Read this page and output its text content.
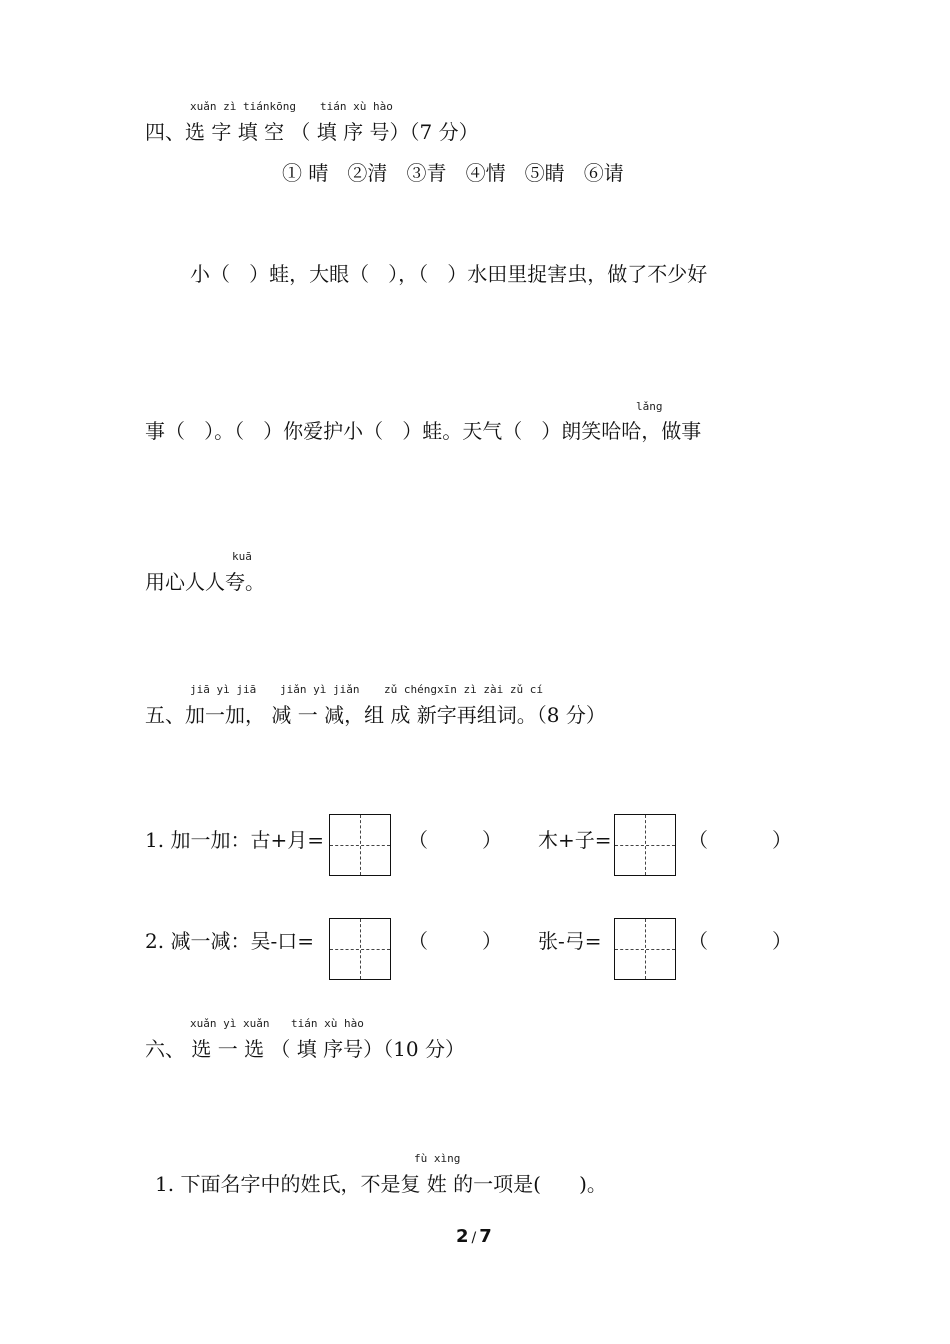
xuǎn zì tiánkōng tián xù hào
四、选 字 填 空 （ 填 序 号）（7 分）
① 晴   ②清   ③青   ④情   ⑤睛   ⑥请
小（   ）蛙，大眼（   ），（   ）水田里捉害虫，做了不少好
lǎng
事（   ）。（   ）你爱护小（   ）蛙。天气（   ）朗笑哈哈，做事
kuā
用心人人夸。
jiā yì jiā jiǎn yì jiǎn zǔ chéngxīn zì zài zǔ cí
五、加一加， 减 一 减，组 成 新字再组词。（8 分）
1. 加一加：古+月=	（	） 木+子=	（	）
2. 减一减：吴-口=	（	） 张-弓=	（	）
xuǎn yì xuǎn tián xù hào
六、 选 一 选 （ 填 序号）（10 分）
fù xìng
1. 下面名字中的姓氏，不是复 姓 的一项是(      )。
2 / 7
